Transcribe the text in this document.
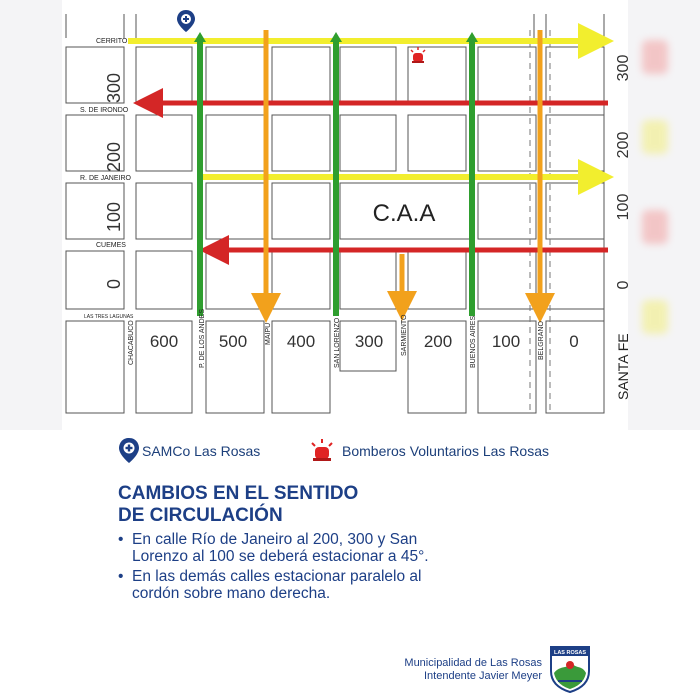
C.A.A
CERRITO
S. DE IRONDO
R. DE JANEIRO
CUEMES
LAS TRES LAGUNAS
CHACABUCO	P. DE LOS ANDES	MAIPU	SAN LORENZO	SARMIENTO	BUENOS AIRES	BELGRANO	SANTA FE
300
200
100
0
300
200
100
0
600 500 400 300 200 100	0
SAMCo Las Rosas	Bomberos Voluntarios Las Rosas
CAMBIOS EN EL SENTIDO
DE CIRCULACIÓN
• En calle Río de Janeiro al 200, 300 y San Lorenzo al 100 se deberá estacionar a 45°.
• En las demás calles estacionar paralelo al cordón sobre mano derecha.
Municipalidad de Las Rosas
Intendente Javier Meyer
LAS ROSAS
